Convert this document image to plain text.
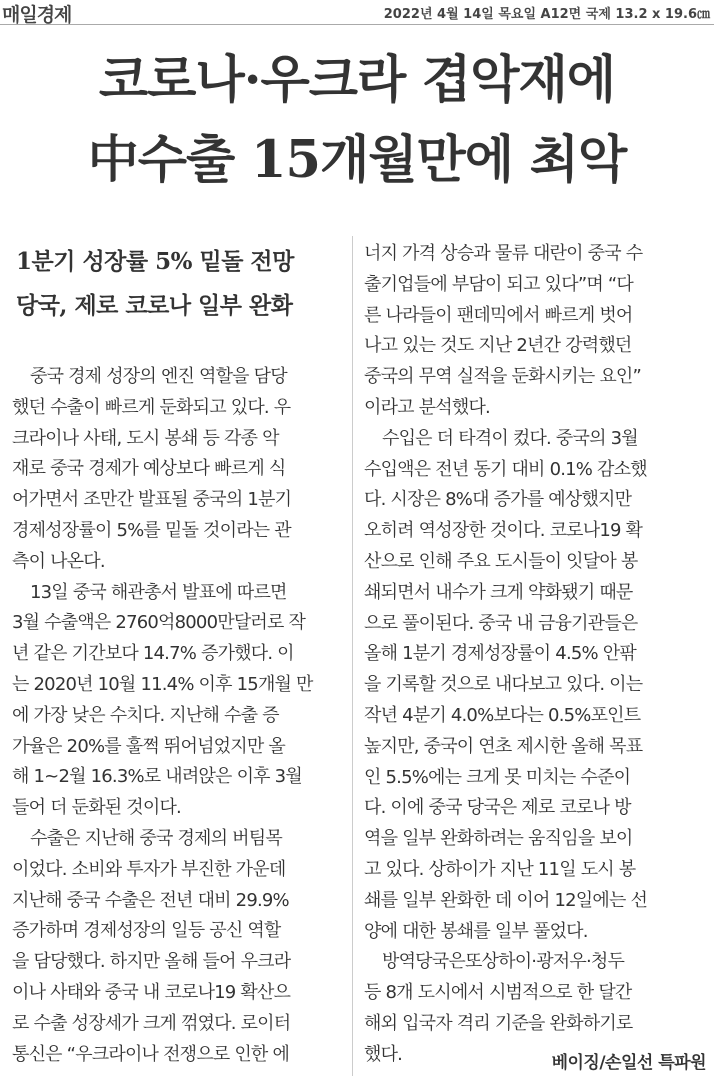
매일경제	2022년 4월 14일 목요일 A12면 국제 13.2 x 19.6㎝
코로나·우크라 겹악재에
中수출 15개월만에 최악
1분기 성장률 5% 밑돌 전망
당국, 제로 코로나 일부 완화
중국 경제 성장의 엔진 역할을 담당
했던 수출이 빠르게 둔화되고 있다. 우
크라이나 사태, 도시 봉쇄 등 각종 악
재로 중국 경제가 예상보다 빠르게 식
어가면서 조만간 발표될 중국의 1분기
경제성장률이 5%를 밑돌 것이라는 관
측이 나온다.
13일 중국 해관총서 발표에 따르면
3월 수출액은 2760억8000만달러로 작
년 같은 기간보다 14.7% 증가했다. 이
는 2020년 10월 11.4% 이후 15개월 만
에 가장 낮은 수치다. 지난해 수출 증
가율은 20%를 훌쩍 뛰어넘었지만 올
해 1~2월 16.3%로 내려앉은 이후 3월
들어 더 둔화된 것이다.
수출은 지난해 중국 경제의 버팀목
이었다. 소비와 투자가 부진한 가운데
지난해 중국 수출은 전년 대비 29.9%
증가하며 경제성장의 일등 공신 역할
을 담당했다. 하지만 올해 들어 우크라
이나 사태와 중국 내 코로나19 확산으
로 수출 성장세가 크게 꺾였다. 로이터
통신은 “우크라이나 전쟁으로 인한 에
너지 가격 상승과 물류 대란이 중국 수
출기업들에 부담이 되고 있다”며 “다
른 나라들이 팬데믹에서 빠르게 벗어
나고 있는 것도 지난 2년간 강력했던
중국의 무역 실적을 둔화시키는 요인”
이라고 분석했다.
수입은 더 타격이 컸다. 중국의 3월
수입액은 전년 동기 대비 0.1% 감소했
다. 시장은 8%대 증가를 예상했지만
오히려 역성장한 것이다. 코로나19 확
산으로 인해 주요 도시들이 잇달아 봉
쇄되면서 내수가 크게 약화됐기 때문
으로 풀이된다. 중국 내 금융기관들은
올해 1분기 경제성장률이 4.5% 안팎
을 기록할 것으로 내다보고 있다. 이는
작년 4분기 4.0%보다는 0.5%포인트
높지만, 중국이 연초 제시한 올해 목표
인 5.5%에는 크게 못 미치는 수준이
다. 이에 중국 당국은 제로 코로나 방
역을 일부 완화하려는 움직임을 보이
고 있다. 상하이가 지난 11일 도시 봉
쇄를 일부 완화한 데 이어 12일에는 선
양에 대한 봉쇄를 일부 풀었다.
방역당국은또상하이·광저우·청두
등 8개 도시에서 시범적으로 한 달간
해외 입국자 격리 기준을 완화하기로
했다.	베이징/손일선 특파원
